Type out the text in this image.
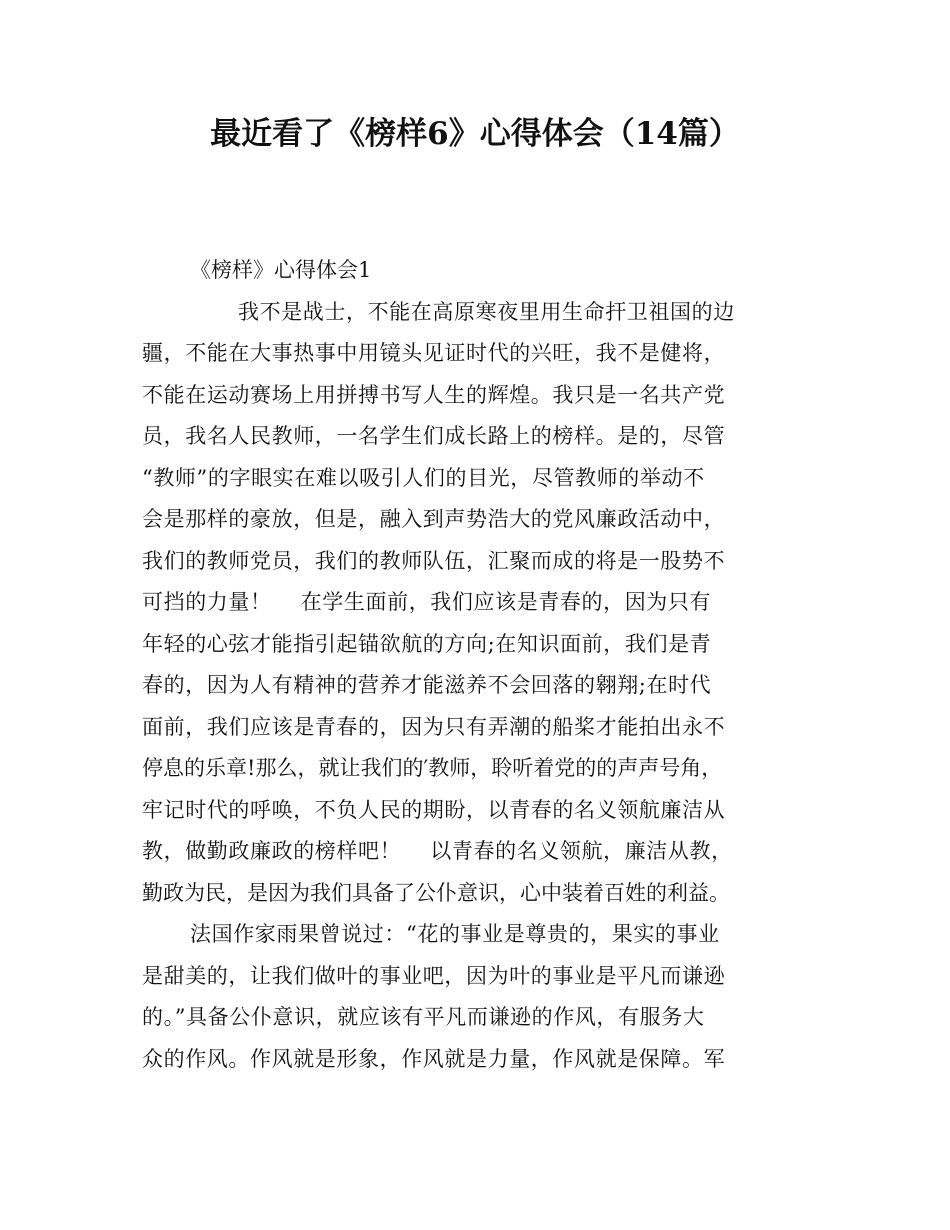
最近看了《榜样6》心得体会（14篇）
《榜样》心得体会1
我不是战士，不能在高原寒夜里用生命扞卫祖国的边
疆，不能在大事热事中用镜头见证时代的兴旺，我不是健将，
不能在运动赛场上用拼搏书写人生的辉煌。我只是一名共产党
员，我名人民教师，一名学生们成长路上的榜样。是的，尽管
“教师”的字眼实在难以吸引人们的目光，尽管教师的举动不
会是那样的豪放，但是，融入到声势浩大的党风廉政活动中，
我们的教师党员，我们的教师队伍，汇聚而成的将是一股势不
可挡的力量！    在学生面前，我们应该是青春的，因为只有
年轻的心弦才能指引起锚欲航的方向;在知识面前，我们是青
春的，因为人有精神的营养才能滋养不会回落的翱翔;在时代
面前，我们应该是青春的，因为只有弄潮的船桨才能拍出永不
停息的乐章!那么，就让我们的′教师，聆听着党的的声声号角，
牢记时代的呼唤，不负人民的期盼，以青春的名义领航廉洁从
教，做勤政廉政的榜样吧！    以青春的名义领航，廉洁从教，
勤政为民，是因为我们具备了公仆意识，心中装着百姓的利益。
法国作家雨果曾说过：“花的事业是尊贵的，果实的事业
是甜美的，让我们做叶的事业吧，因为叶的事业是平凡而谦逊
的。”具备公仆意识，就应该有平凡而谦逊的作风，有服务大
众的作风。作风就是形象，作风就是力量，作风就是保障。军
